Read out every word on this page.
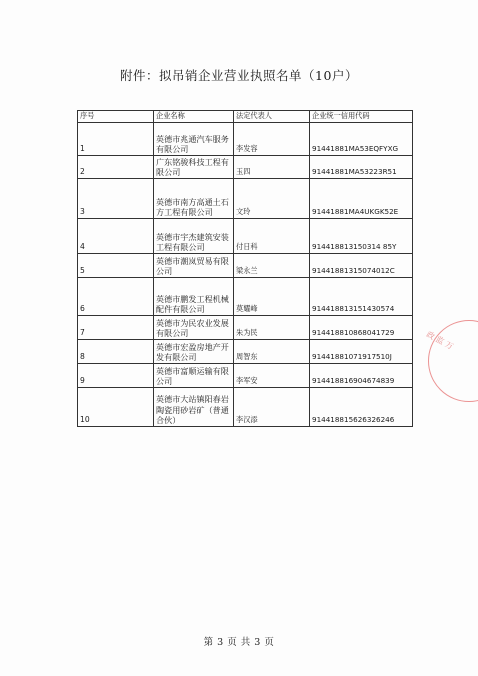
附件：拟吊销企业营业执照名单（10户）
序号	企业名称	法定代表人	企业统一信用代码
1	英德市兆通汽车服务有限公司	李发容	91441881MA53EQFYXG
2	广东铭骏科技工程有限公司	玉四	91441881MA53223R51
3	英德市南方高通土石方工程有限公司	文玲	91441881MA4UKGK52E
4	英德市宇杰建筑安装工程有限公司	付日科	914418813150314 85Y
5	英德市潮岚贸易有限公司	梁永兰	91441881315074012C
6	英德市鹏发工程机械配件有限公司	莫耀峰	914418813151430574
7	英德市为民农业发展有限公司	朱为民	914418810868041729
8	英德市宏盈房地产开发有限公司	周智东	91441881071917510J
9	英德市富顺运输有限公司	李军安	914418816904674839
10	英德市大站镇阳春岩陶瓷用砂岩矿（普通合伙）	李汉添	914418815626326246
政 监 万
第 3 页 共 3 页
